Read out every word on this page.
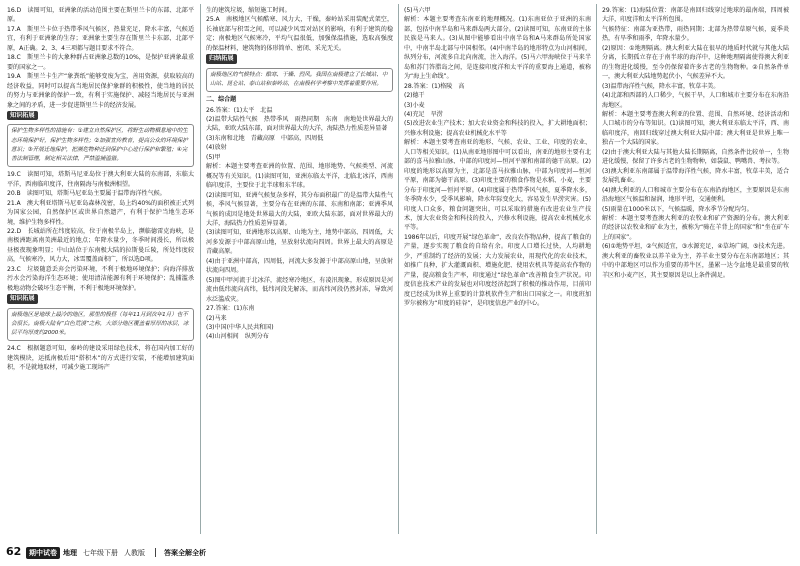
16.D　读图可知，亚洲象的活动范围主要在斯里兰卡的东部、北部平原。

17.A　斯里兰卡位于热带季风气候区，热量充足，降水丰富，气候适宜，有利于亚洲象的生存；亚洲象主要生存在斯里兰卡东部、北部平原，A正确。2、3、4三项都与题目要求不符合。

18.C　斯里兰卡的大象种群占亚洲象总数的10%，是保护亚洲象最重要的国家之一。

19.A　斯里兰卡生产“象粪纸”能够变废为宝，善用资源，获取较高的经济收益，同时可以提高当地居民保护象群的积极性，使当地的居民的努力与亚洲象的保护一致，有利于实施保护、减轻当地居民与亚洲象之间的矛盾，进一步促进斯里兰卡的经济发展。

知识拓展
保护生物多样性的措施有：①建立自然保护区，将野生动物栖息地中的生态环境保护好，保护生物多样性；②加强宣传教育，提高公众的环境保护意识；③开展迁地保护，把濒危物种迁到保护中心进行保护和繁殖；④完善法制管理，制定相关法律，严禁滥捕滥猎。

19.C　读图可知，塔斯马尼亚岛位于澳大利亚大陆的东南部，东临太平洋，西南临印度洋，往南隔海与南极洲相望。

20.B　读图可知，塔斯马尼亚岛主要属于温带海洋性气候。

21.A　澳大利亚塔斯马尼亚岛森林茂密，岛上约40%的面积被正式列为国家公园，自然保护区或世界自然遗产，有利于保护当地生态环境，维护生物多样性。

22.D　长城站所在纬度较高，位于南极半岛上，濒临德雷克海峡，是南极洲距离南美洲最近的地点；年降水量少，冬季时间漫长，所以极昼极夜现象明显；中山站位于东南极大陆的拉斯曼丘陵，所处纬度较高，气候寒冷，风力大，冰雪覆盖面积广，所以选D项。

23.C　垃圾随意丢弃会污染环境，不利于极地环境保护；向海洋排放污水会污染海洋生态环境；使用清洁能源有利于环境保护；乱捕滥杀极地动物会破坏生态平衡，不利于极地环境保护。

知识拓展
南极地区是地球上最冷的地区，那里的极昼（每年11月到次年1月）也不会很长。南极大陆有“白色荒漠”之称，大部分地区覆盖着厚厚的冰层，冰层平均厚度约2000米。

24.C　根据题意可知，秦岭的建设采用绿色技术，将在国内加工好的建筑模块，运抵南极后用“搭积木”的方式进行安装，不能增加建筑面积，不是就地取材，可减少施工现场产

生的建筑垃圾，缩短施工时间。

25.A　南极地区气候酷寒、风力大，干燥，秦岭站采用装配式架空，长袖底部与积雪之间，可以减少风雪对站区的影响，有利于建筑的稳定；南极地区气候寒冷，平均气温很低，加强保温措施，选取高强度的保温材料，建筑物的体形简单、密闭、采光无关。

归纳拓展
南极地区的气候特点：酷寒、干燥、烈风。我国在南极建立了长城站、中山站、昆仑站、泰山站和秦岭站，在南极科学考察中发挥着重要作用。

二、综合题

26.答案：(1)太平　北温

(2)温带大陆性气候　热带季风　雨热同期　东南　南地处世界最大的大陆，亚欧大陆东部，面对世界最大的大洋，海陆热力性质差异显著

(3)东南和北地　青藏高原　中部高，四周低

(4)放射

(5)甲

解析：本题主要考查亚洲的位置、范围、地形地势、气候类型、河流概况等有关知识。(1)读图可知，亚洲东临太平洋，北临北冰洋，西南临印度洋，主要位于北半球和东半球。

(2)读图可知，亚洲气候复杂多样，其分布面积最广的是温带大陆性气候，季风气候显著，主要分布在亚洲的东部、东南和南部；亚洲季风气候的成因是地处世界最大的大陆，亚欧大陆东部，面对世界最大的大洋，海陆热力性质差异显著。

(3)读图可知，亚洲地形以高原、山地为主，地势中部高、四周低，大河多发源于中部高原山地，呈放射状流向四周。世界上最大的高原是青藏高原。

(4)由于亚洲中部高，四周低，河流大多发源于中部高原山地，呈放射状流向四周。

(5)图中甲河流于北冰洋，流经寒冷地区，有凌汛现象，形成原因是河流由低纬流向高纬，低纬河段先解冻，而高纬河段仍然封冻，导致河水泛滥成灾。

27.答案：(1)东南

(2)马来

(3)中国(中华人民共和国)

(4)山河相间　纵列分布

(5)马六甲

解析：本题主要考查东南亚的地理概况。(1)东南亚位于亚洲的东南部，包括中南半岛和马来群岛两大部分。(2)读图可知，东南亚的主体民族是马来人。(3)从图中能够看出中南半岛和A马来群岛所处国家中，中南半岛北部与中国相邻。(4)中南半岛的地形特点为山河相间，纵列分布，河流多自北向南流，注入海洋。(5)马六甲海峡位于马来半岛和苏门答腊岛之间，是连接印度洋和太平洋的重要海上通道，被称为“海上生命线”。

28.答案：(1)格陵　高

(2)德干

(3)小麦

(4)充足　旱涝

(5)改进农业生产技术；加大农业资金和科技的投入，扩大耕地面积；兴修水利设施；提高农业机械化水平等

解析：本题主要考查南亚的地形、气候、农业、工业、印度的农业、人口等相关知识。(1)从南亚地形图中可以看出，南亚的地形主要有北部的喜马拉雅山脉、中部的印度河—恒河平原和南部的德干高原。(2)印度的地形以高原为主，北部是喜马拉雅山脉，中部为印度河—恒河平原，南部为德干高原。(3)印度主要的粮食作物是水稻、小麦，主要分布于印度河—恒河平原。(4)印度属于热带季风气候，夏季降水多，冬季降水少，受季风影响，降水年际变化大，容易发生旱涝灾害。(5)印度人口众多，粮食问题突出，可以采取的措施有改进农业生产技术，加大农业资金和科技的投入，兴修水利设施，提高农业机械化水平等。

1986年以后，印度开展“绿色革命”，改良农作物品种，提高了粮食的产量，逐步实现了粮食的自给有余。印度人口增长过快，人均耕地少，严重制约了经济的发展；大力发展农业，用现代化的农业技术，如推广良种，扩大灌溉面积、增施化肥、使用农机具等提高农作物的产量，提高粮食生产率，印度通过“绿色革命”改善粮食生产状况。印度信息技术产业的发展也对印度经济起到了积极的推动作用，目前印度已经成为世界上重要的计算机软件生产和出口国家之一。印度班加罗尔被称为“印度的硅谷”，是印度信息产业的中心。

29.答案：(1)海陆位置：南部是南回归线穿过地球的最南端，四周被大洋，印度洋和太平洋所包围。

气候特征：南部为亚热带，雨热同期；北部为热带草原气候，夏季炎热，有旱季和雨季，年降水量少。

(2)原因：①地理隔离。澳大利亚大陆在很早的地质时代就与其他大陆分离，长期孤立存在于南半球的海洋中，这种地理隔离使得澳大利亚的生物进化缓慢，至今仍保留着许多古老的生物物种。②自然条件单一，澳大利亚大陆地势起伏小，气候差异不大。

(3)温带海洋性气候，降水丰富，牧草丰美。

(4)北部和西部的人口稀少，气候干旱，人口和城市主要分布在东南沿海地区。

解析：本题主要考查澳大利亚的位置、范围、自然环境、经济活动和人口城市的分布等知识。(1)读图可知，澳大利亚东临太平洋，西、南临印度洋，南回归线穿过澳大利亚大陆中部；澳大利亚是世界上唯一独占一个大陆的国家。

(2)由于澳大利亚大陆与其他大陆长期隔离，自然条件比较单一，生物进化缓慢，保留了许多古老的生物物种，如袋鼠、鸭嘴兽、考拉等。

(3)澳大利亚东南部属于温带海洋性气候，降水丰富，牧草丰美，适合发展乳畜业。

(4)澳大利亚的人口和城市主要分布在东南沿海地区，主要原因是东南沿海地区气候温和湿润，地形平坦，交通便利。

(5)雨量在1000米以下，气候温暖，降水季节分配均匀。

解析：本题主要考查澳大利亚的农牧业和矿产资源的分布。澳大利亚的经济以农牧业和矿业为主，被称为“骑在羊背上的国家”和“坐在矿车上的国家”。

(6)①地势平坦，②气候适宜，③水源充足，④草场广阔，⑤技术先进。

澳大利亚的畜牧业以养羊业为主，养羊业主要分布在东南部地区；其中的中部地区可以作为重要的养牛区，墨累一达令盆地是最重要的牧羊区和小麦产区，其主要原因是以上条件满足。

62	期中试卷 地理 七年级下册 人教版	答案全解全析
